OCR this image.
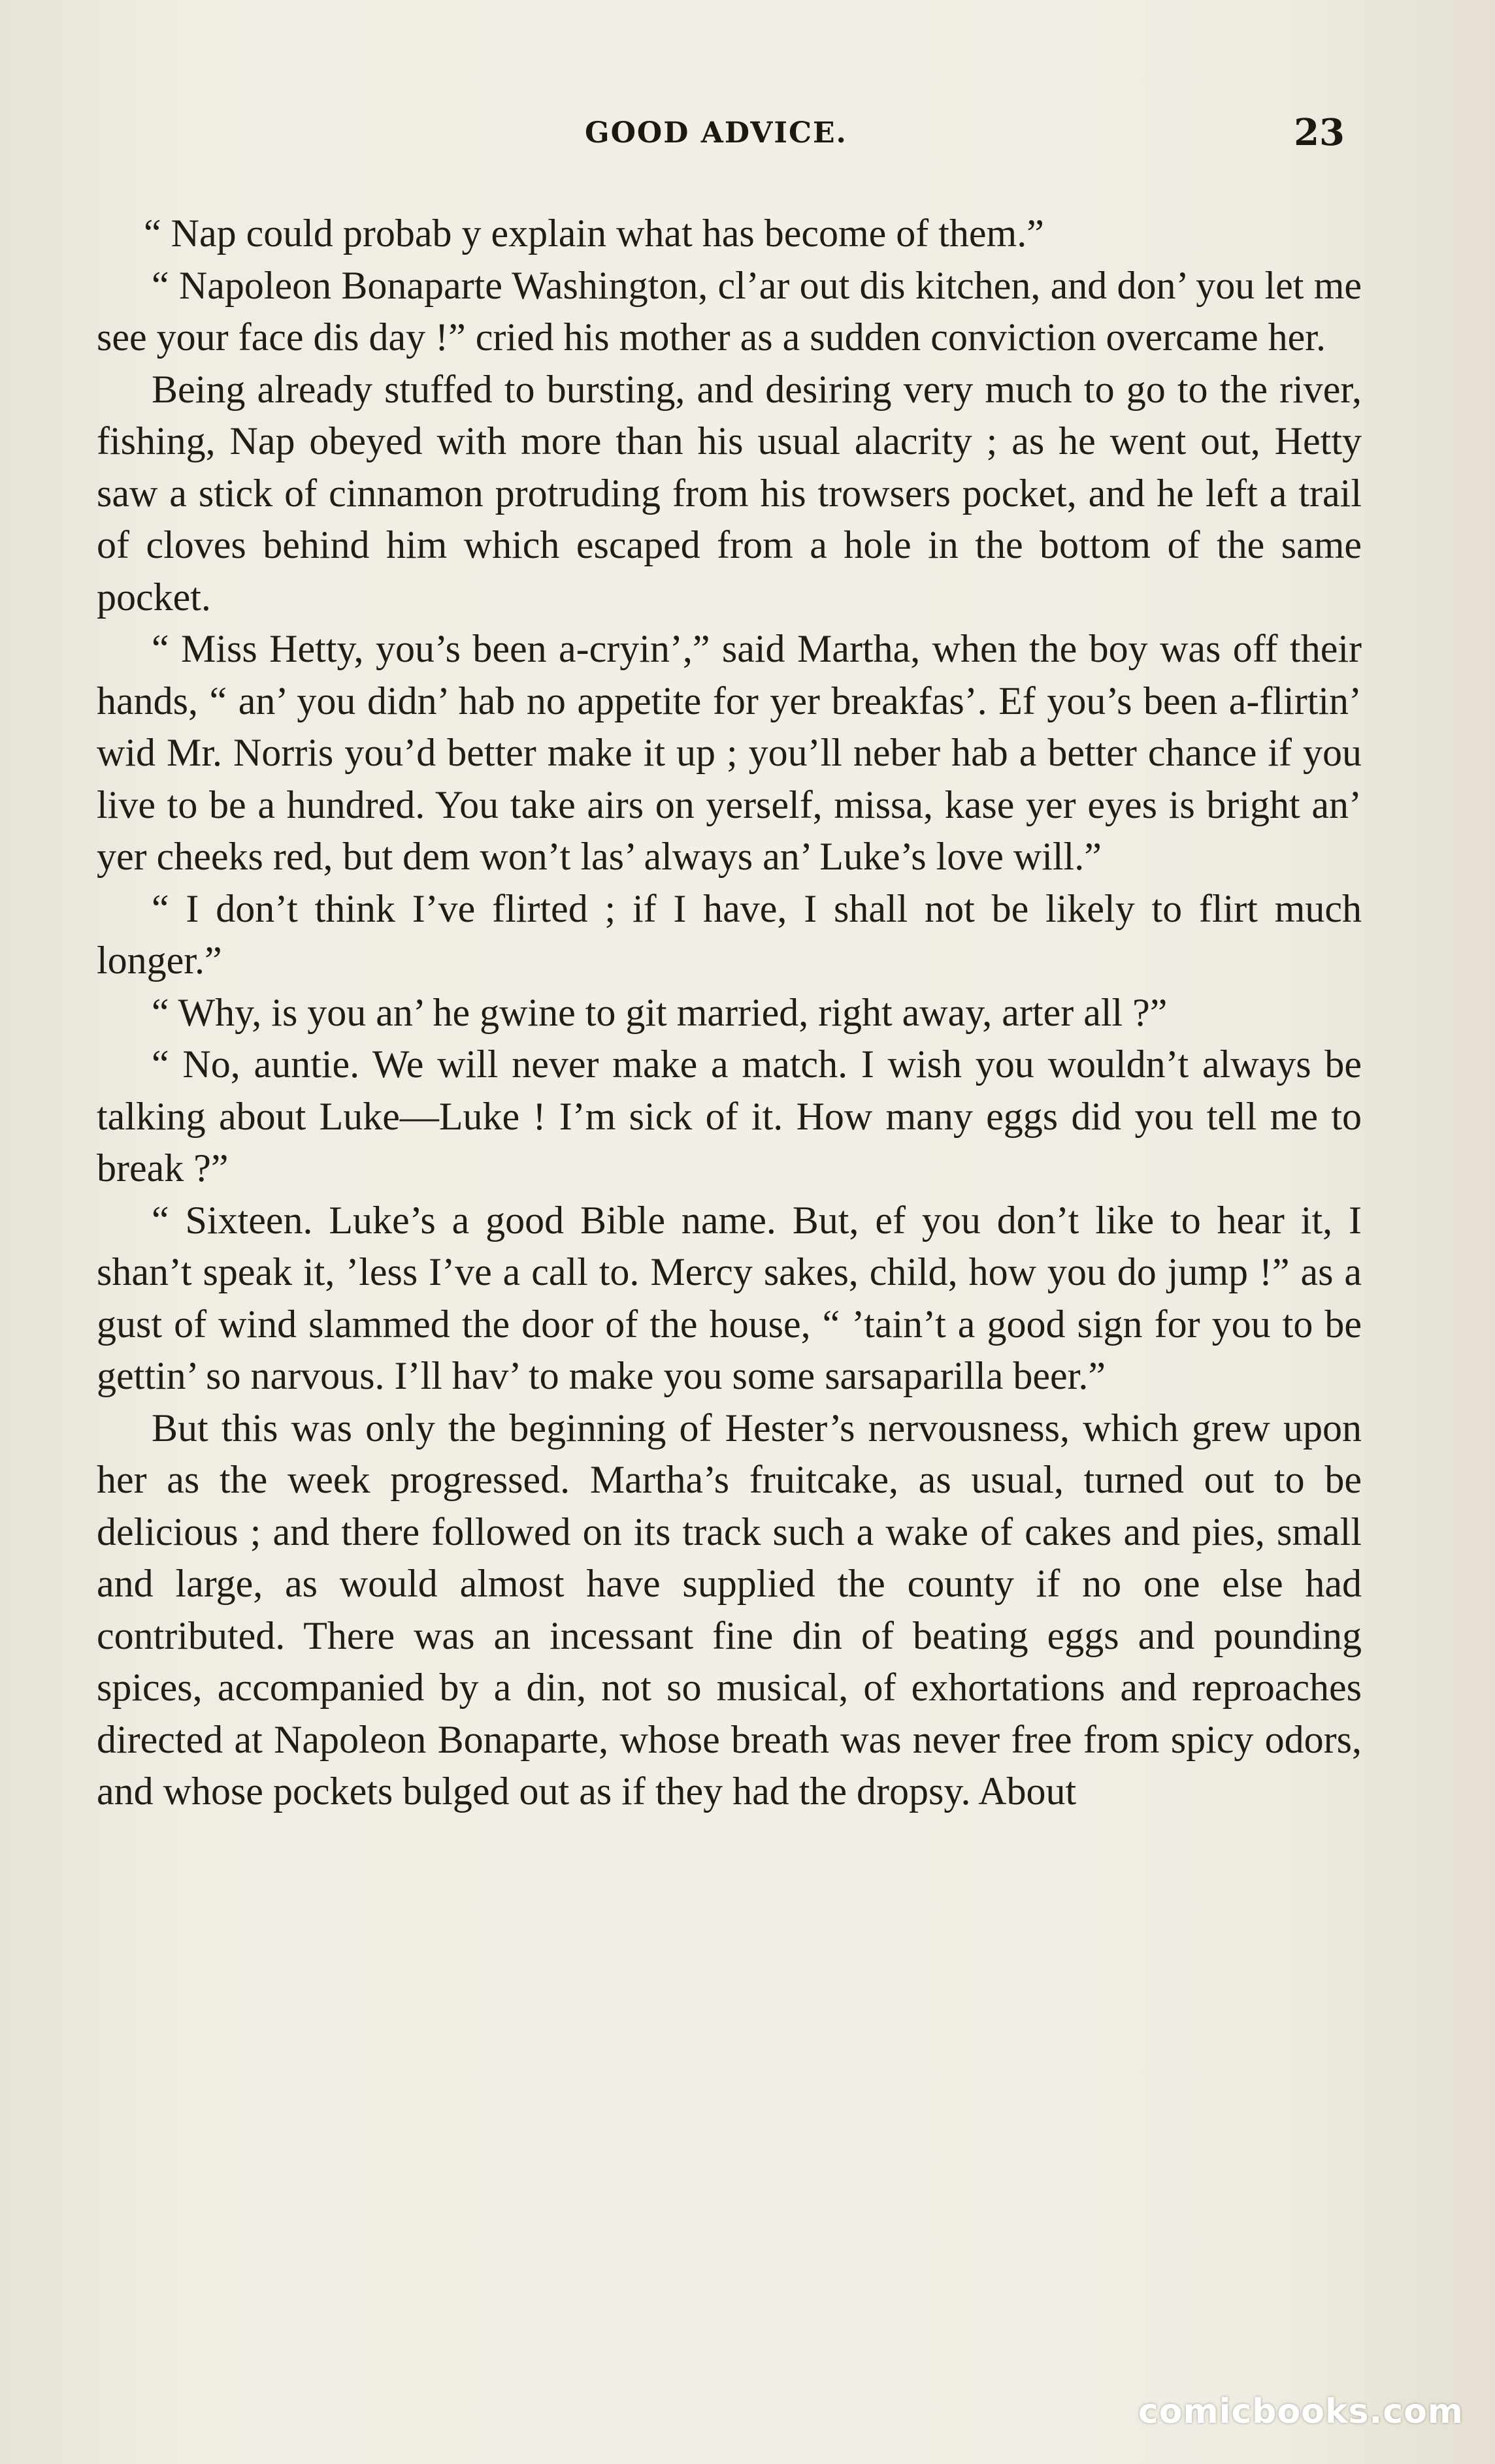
GOOD ADVICE.	23

“ Nap could probab y explain what has become of them.”

“ Napoleon Bonaparte Washington, cl’ar out dis kitchen, and don’ you let me see your face dis day !” cried his mother as a sudden conviction overcame her.

Being already stuffed to bursting, and desiring very much to go to the river, fishing, Nap obeyed with more than his usual alacrity ; as he went out, Hetty saw a stick of cinnamon protruding from his trowsers pocket, and he left a trail of cloves behind him which escaped from a hole in the bottom of the same pocket.

“ Miss Hetty, you’s been a-cryin’,” said Martha, when the boy was off their hands, “ an’ you didn’ hab no appetite for yer breakfas’. Ef you’s been a-flirtin’ wid Mr. Norris you’d better make it up ; you’ll neber hab a better chance if you live to be a hundred. You take airs on yerself, missa, kase yer eyes is bright an’ yer cheeks red, but dem won’t las’ always an’ Luke’s love will.”

“ I don’t think I’ve flirted ; if I have, I shall not be likely to flirt much longer.”

“ Why, is you an’ he gwine to git married, right away, arter all ?”

“ No, auntie. We will never make a match. I wish you wouldn’t always be talking about Luke—Luke ! I’m sick of it. How many eggs did you tell me to break ?”

“ Sixteen. Luke’s a good Bible name. But, ef you don’t like to hear it, I shan’t speak it, ’less I’ve a call to. Mercy sakes, child, how you do jump !” as a gust of wind slammed the door of the house, “ ’tain’t a good sign for you to be gettin’ so narvous. I’ll hav’ to make you some sarsaparilla beer.”

But this was only the beginning of Hester’s nervousness, which grew upon her as the week progressed. Martha’s fruitcake, as usual, turned out to be delicious ; and there followed on its track such a wake of cakes and pies, small and large, as would almost have supplied the county if no one else had contributed. There was an incessant fine din of beating eggs and pounding spices, accompanied by a din, not so musical, of exhortations and reproaches directed at Napoleon Bonaparte, whose breath was never free from spicy odors, and whose pockets bulged out as if they had the dropsy. About

comicbooks.com
